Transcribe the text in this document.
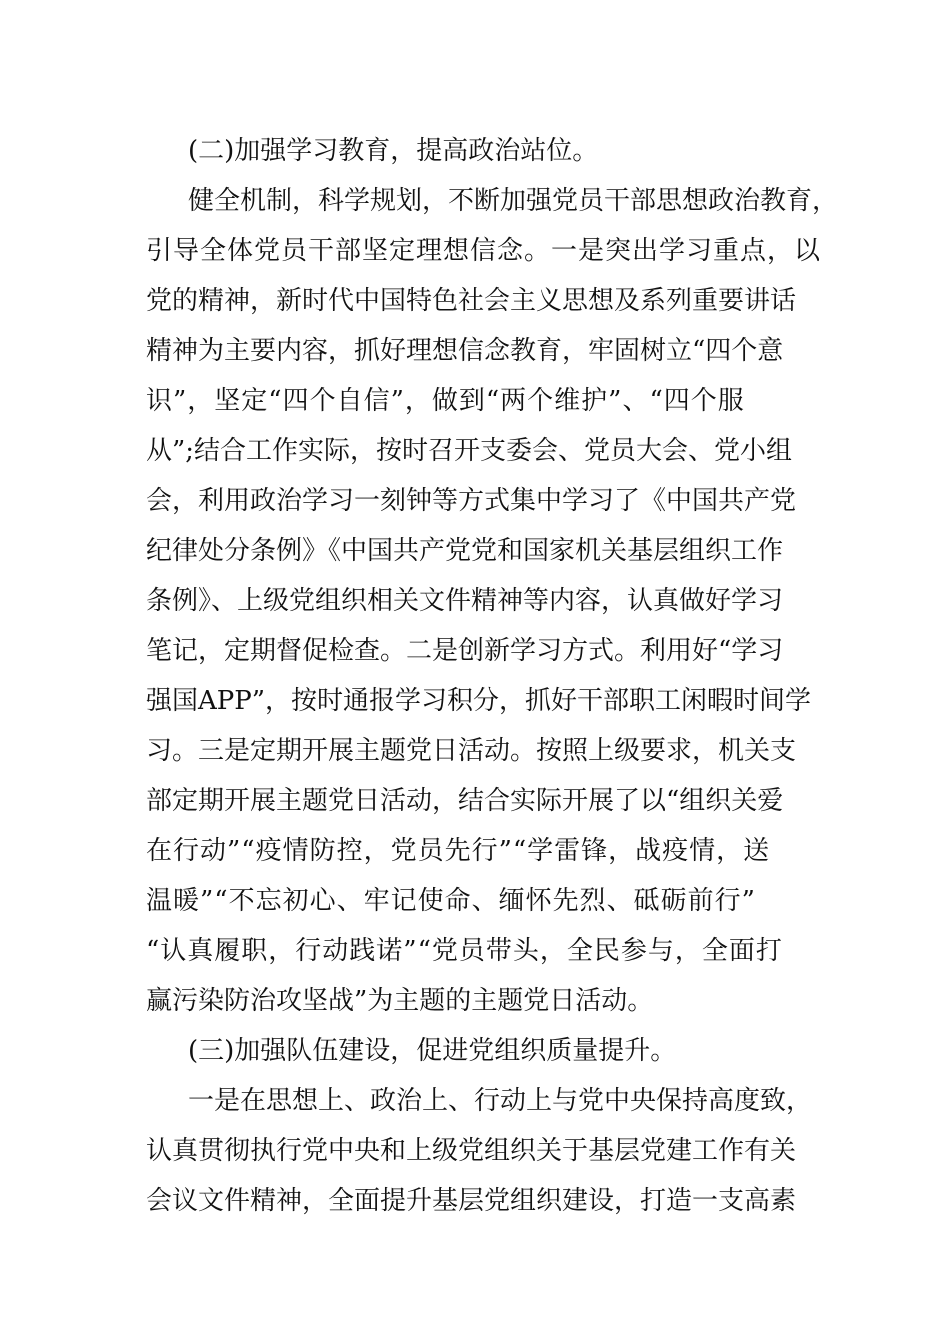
(二)加强学习教育，提高政治站位。
健全机制，科学规划，不断加强党员干部思想政治教育，
引导全体党员干部坚定理想信念。一是突出学习重点，以
党的精神，新时代中国特色社会主义思想及系列重要讲话
精神为主要内容，抓好理想信念教育，牢固树立“四个意
识”，坚定“四个自信”，做到“两个维护”、“四个服
从”;结合工作实际，按时召开支委会、党员大会、党小组
会，利用政治学习一刻钟等方式集中学习了《中国共产党
纪律处分条例》《中国共产党党和国家机关基层组织工作
条例》、上级党组织相关文件精神等内容，认真做好学习
笔记，定期督促检查。二是创新学习方式。利用好“学习
强国APP”，按时通报学习积分，抓好干部职工闲暇时间学
习。三是定期开展主题党日活动。按照上级要求，机关支
部定期开展主题党日活动，结合实际开展了以“组织关爱
在行动”“疫情防控，党员先行”“学雷锋，战疫情，送
温暖”“不忘初心、牢记使命、缅怀先烈、砥砺前行”
“认真履职，行动践诺”“党员带头，全民参与，全面打
赢污染防治攻坚战”为主题的主题党日活动。
(三)加强队伍建设，促进党组织质量提升。
一是在思想上、政治上、行动上与党中央保持高度致，
认真贯彻执行党中央和上级党组织关于基层党建工作有关
会议文件精神，全面提升基层党组织建设，打造一支高素
